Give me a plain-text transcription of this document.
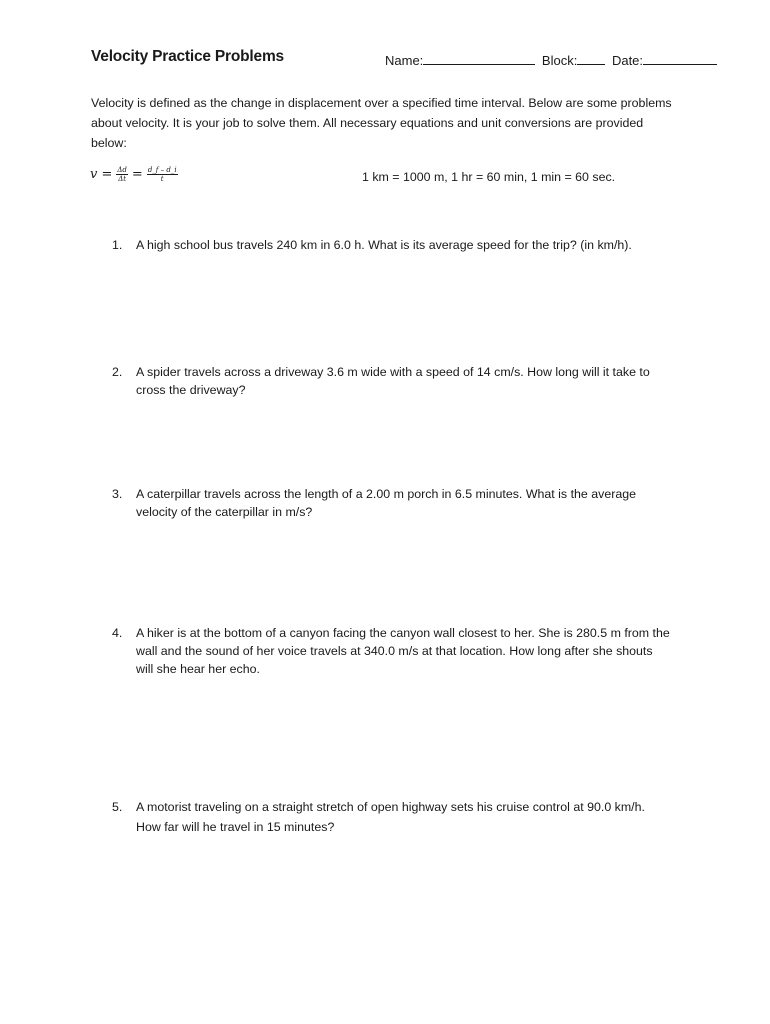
Velocity Practice Problems	Name:	Block:	Date:
Velocity is defined as the change in displacement over a specified time interval. Below are some problems about velocity. It is your job to solve them. All necessary equations and unit conversions are provided below:
$v = \frac{\Delta d}{\Delta t} = \frac{d\_f - d\_i}{t}$	1 km = 1000 m, 1 hr = 60 min, 1 min = 60 sec.
1.	A high school bus travels 240 km in 6.0 h. What is its average speed for the trip? (in km/h).
2.	A spider travels across a driveway 3.6 m wide with a speed of 14 cm/s. How long will it take to cross the driveway?
3.	A caterpillar travels across the length of a 2.00 m porch in 6.5 minutes. What is the average velocity of the caterpillar in m/s?
4.	A hiker is at the bottom of a canyon facing the canyon wall closest to her. She is 280.5 m from the wall and the sound of her voice travels at 340.0 m/s at that location. How long after she shouts will she hear her echo.
5.	A motorist traveling on a straight stretch of open highway sets his cruise control at 90.0 km/h. How far will he travel in 15 minutes?
